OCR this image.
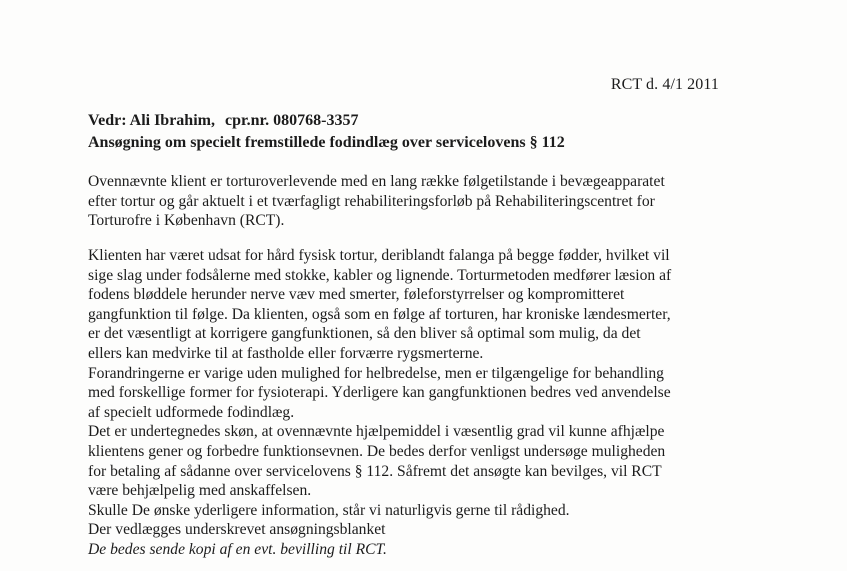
RCT d. 4/1 2011
Vedr: Ali Ibrahim, cpr.nr. 080768-3357
Ansøgning om specielt fremstillede fodindlæg over servicelovens § 112
Ovennævnte klient er torturoverlevende med en lang række følgetilstande i bevægeapparatet
efter tortur og går aktuelt i et tværfagligt rehabiliteringsforløb på Rehabiliteringscentret for
Torturofre i København (RCT).
Klienten har været udsat for hård fysisk tortur, deriblandt falanga på begge fødder, hvilket vil
sige slag under fodsålerne med stokke, kabler og lignende. Torturmetoden medfører læsion af
fodens bløddele herunder nerve væv med smerter, føleforstyrrelser og kompromitteret
gangfunktion til følge. Da klienten, også som en følge af torturen, har kroniske lændesmerter,
er det væsentligt at korrigere gangfunktionen, så den bliver så optimal som mulig, da det
ellers kan medvirke til at fastholde eller forværre rygsmerterne.
Forandringerne er varige uden mulighed for helbredelse, men er tilgængelige for behandling
med forskellige former for fysioterapi. Yderligere kan gangfunktionen bedres ved anvendelse
af specielt udformede fodindlæg.
Det er undertegnedes skøn, at ovennævnte hjælpemiddel i væsentlig grad vil kunne afhjælpe
klientens gener og forbedre funktionsevnen. De bedes derfor venligst undersøge muligheden
for betaling af sådanne over servicelovens § 112. Såfremt det ansøgte kan bevilges, vil RCT
være behjælpelig med anskaffelsen.
Skulle De ønske yderligere information, står vi naturligvis gerne til rådighed.
Der vedlægges underskrevet ansøgningsblanket
De bedes sende kopi af en evt. bevilling til RCT.
